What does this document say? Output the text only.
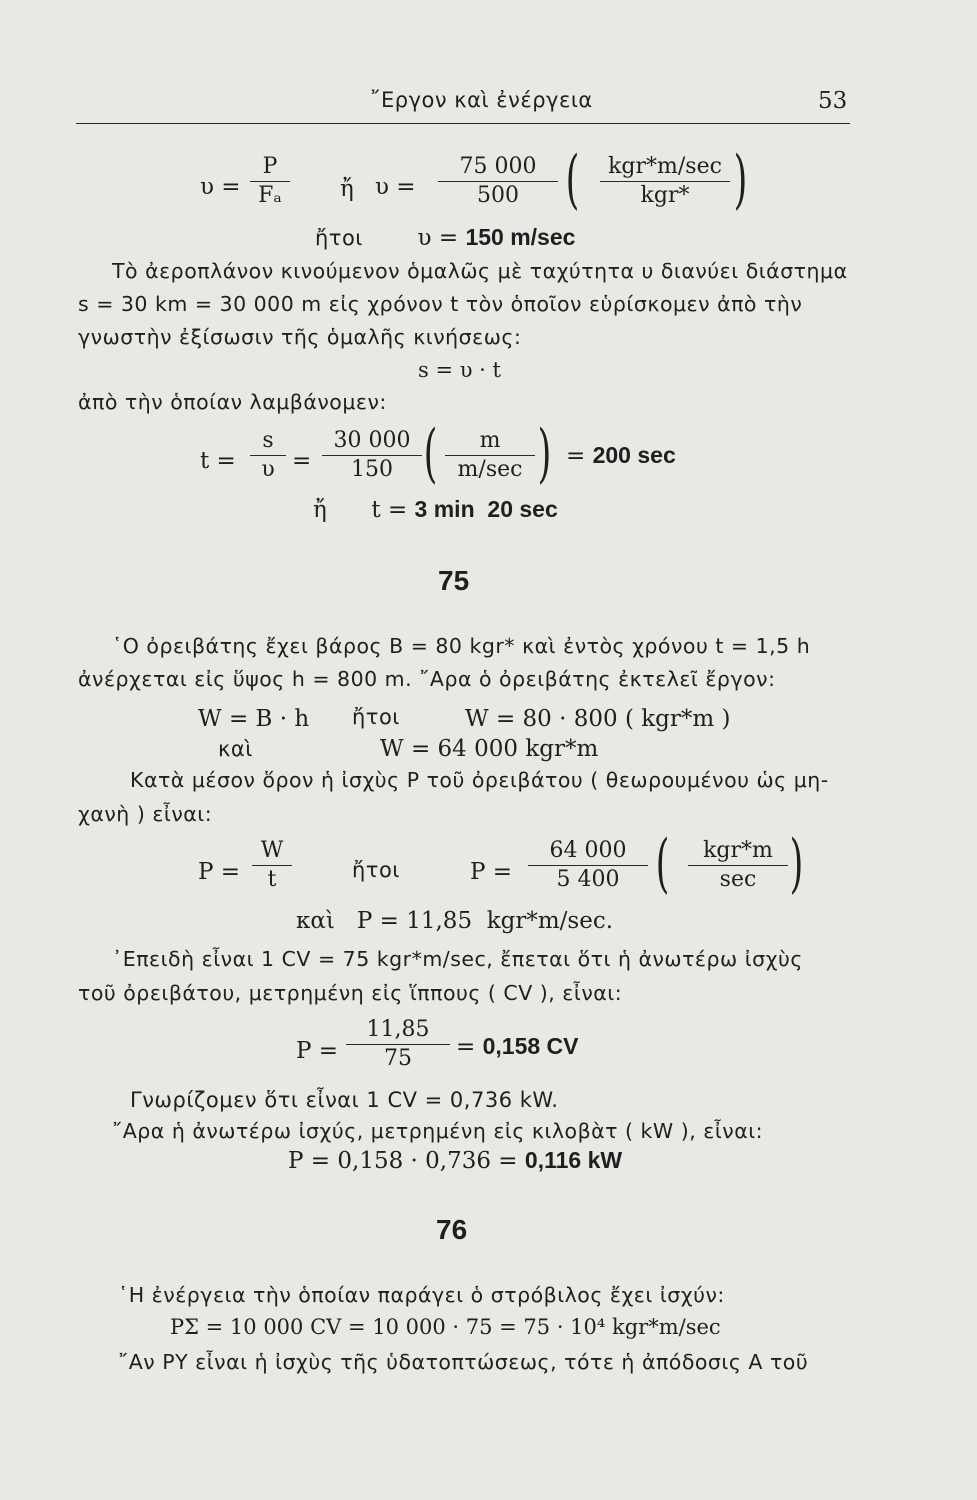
῎Εργον καὶ ἐνέργεια	53
υ =
P
Fₐ	ἤ υ =
75 000
500 (	kgr*m/sec
kgr* )
ἤτοι υ = 150 m/sec
Τὸ ἀεροπλάνον κινούμενον ὁμαλῶς μὲ ταχύτητα υ διανύει διάστημα
s = 30 km = 30 000 m εἰς χρόνον t τὸν ὁποῖον εὑρίσκομεν ἀπὸ τὴν
γνωστὴν ἐξίσωσιν τῆς ὁμαλῆς κινήσεως:
s = υ · t
ἀπὸ τὴν ὁποίαν λαμβάνομεν:
t =
s
υ =
30 000
150 (	m
m/sec ) = 200 sec
ἤ t = 3 min  20 sec
75
῾Ο ὀρειβάτης ἔχει βάρος B = 80 kgr* καὶ ἐντὸς χρόνου t = 1,5 h
ἀνέρχεται εἰς ὕψος h = 800 m. ῎Αρα ὁ ὀρειβάτης ἐκτελεῖ ἔργον:
W = B · h ἤτοι	W = 80 · 800 ( kgr*m )
καὶ	W = 64 000 kgr*m
Κατὰ μέσον ὅρον ἡ ἰσχὺς P τοῦ ὀρειβάτου ( θεωρουμένου ὡς μη-
χανὴ ) εἶναι:
P =
W
t	ἤτοι	P =
64 000
5 400 (	kgr*m
sec )
καὶ   P = 11,85  kgr*m/sec.
᾿Επειδὴ εἶναι 1 CV = 75 kgr*m/sec, ἔπεται ὅτι ἡ ἀνωτέρω ἰσχὺς
τοῦ ὀρειβάτου, μετρημένη εἰς ἵππους ( CV ), εἶναι:
P =
11,85
75	= 0,158 CV
Γνωρίζομεν ὅτι εἶναι 1 CV = 0,736 kW.
῎Αρα ἡ ἀνωτέρω ἰσχύς, μετρημένη εἰς κιλοβὰτ ( kW ), εἶναι:
P = 0,158 · 0,736 = 0,116 kW
76
῾Η ἐνέργεια τὴν ὁποίαν παράγει ὁ στρόβιλος ἔχει ἰσχύν:
PΣ = 10 000 CV = 10 000 · 75 = 75 · 10⁴ kgr*m/sec
῎Αν PΥ εἶναι ἡ ἰσχὺς τῆς ὑδατοπτώσεως, τότε ἡ ἀπόδοσις A τοῦ
